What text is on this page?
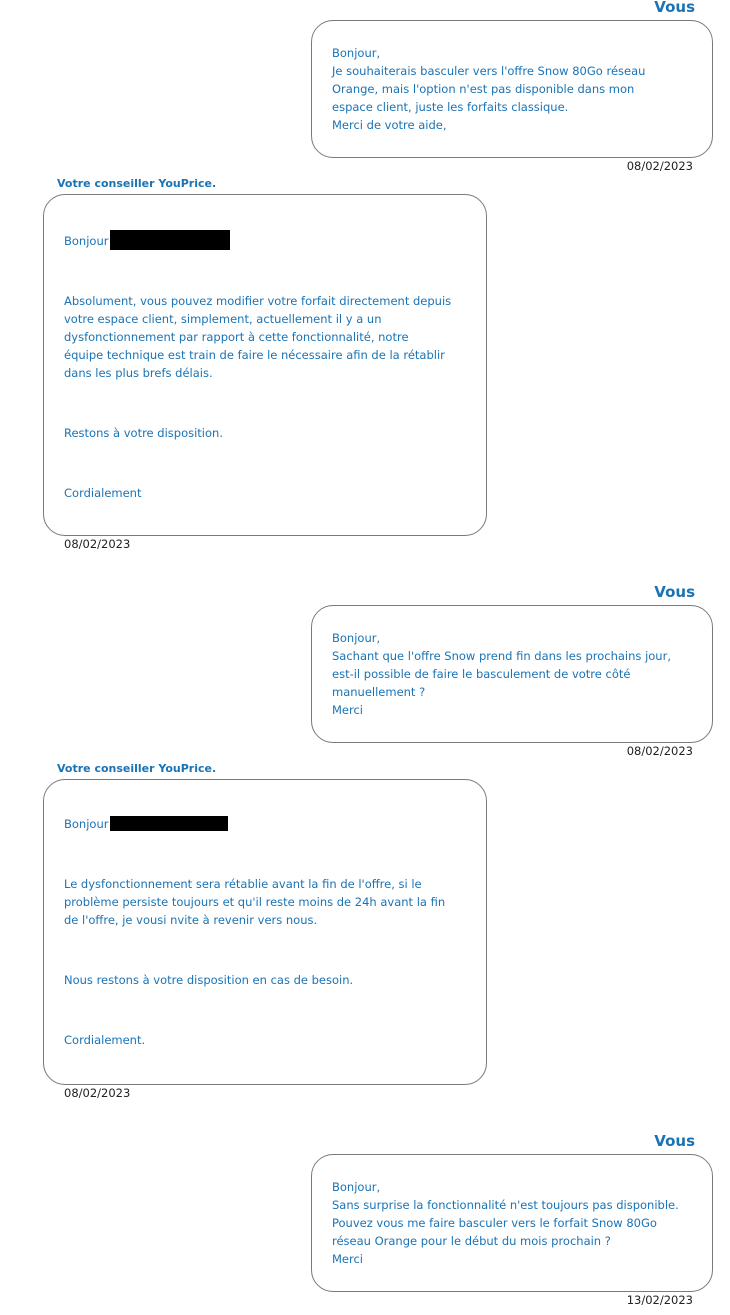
Vous
Bonjour,
Je souhaiterais basculer vers l'offre Snow 80Go réseau
Orange, mais l'option n'est pas disponible dans mon
espace client, juste les forfaits classique.
Merci de votre aide,
08/02/2023
Votre conseiller YouPrice.
Bonjour
Absolument, vous pouvez modifier votre forfait directement depuis
votre espace client, simplement, actuellement il y a un
dysfonctionnement par rapport à cette fonctionnalité, notre
équipe technique est train de faire le nécessaire afin de la rétablir
dans les plus brefs délais.
Restons à votre disposition.
Cordialement
08/02/2023
Vous
Bonjour,
Sachant que l'offre Snow prend fin dans les prochains jour,
est-il possible de faire le basculement de votre côté
manuellement ?
Merci
08/02/2023
Votre conseiller YouPrice.
Bonjour
Le dysfonctionnement sera rétablie avant la fin de l'offre, si le
problème persiste toujours et qu'il reste moins de 24h avant la fin
de l'offre, je vousi nvite à revenir vers nous.
Nous restons à votre disposition en cas de besoin.
Cordialement.
08/02/2023
Vous
Bonjour,
Sans surprise la fonctionnalité n'est toujours pas disponible.
Pouvez vous me faire basculer vers le forfait Snow 80Go
réseau Orange pour le début du mois prochain ?
Merci
13/02/2023
